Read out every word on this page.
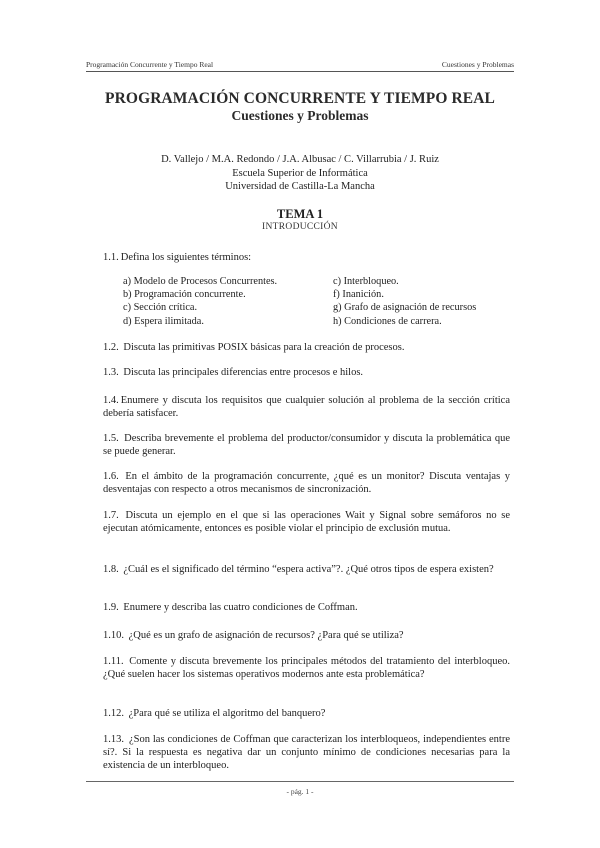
Programación Concurrente y Tiempo Real	Cuestiones y Problemas
PROGRAMACIÓN CONCURRENTE Y TIEMPO REAL
Cuestiones y Problemas
D. Vallejo / M.A. Redondo / J.A. Albusac / C. Villarrubia / J. Ruiz
Escuela Superior de Informática
Universidad de Castilla-La Mancha
TEMA 1
INTRODUCCIÓN
1.1. Defina los siguientes términos:
a) Modelo de Procesos Concurrentes.	c) Interbloqueo.
b) Programación concurrente.	f) Inanición.
c) Sección crítica.	g) Grafo de asignación de recursos
d) Espera ilimitada.	h) Condiciones de carrera.
1.2. Discuta las primitivas POSIX básicas para la creación de procesos.
1.3. Discuta las principales diferencias entre procesos e hilos.
1.4. Enumere y discuta los requisitos que cualquier solución al problema de la sección crítica debería satisfacer.
1.5. Describa brevemente el problema del productor/consumidor y discuta la problemática que se puede generar.
1.6. En el ámbito de la programación concurrente, ¿qué es un monitor? Discuta ventajas y desventajas con respecto a otros mecanismos de sincronización.
1.7. Discuta un ejemplo en el que si las operaciones Wait y Signal sobre semáforos no se ejecutan atómicamente, entonces es posible violar el principio de exclusión mutua.
1.8. ¿Cuál es el significado del término “espera activa”?. ¿Qué otros tipos de espera existen?
1.9. Enumere y describa las cuatro condiciones de Coffman.
1.10. ¿Qué es un grafo de asignación de recursos? ¿Para qué se utiliza?
1.11. Comente y discuta brevemente los principales métodos del tratamiento del interbloqueo. ¿Qué suelen hacer los sistemas operativos modernos ante esta problemática?
1.12. ¿Para qué se utiliza el algoritmo del banquero?
1.13. ¿Son las condiciones de Coffman que caracterizan los interbloqueos, independientes entre sí?. Si la respuesta es negativa dar un conjunto mínimo de condiciones necesarias para la existencia de un interbloqueo.
- pág. 1 -
